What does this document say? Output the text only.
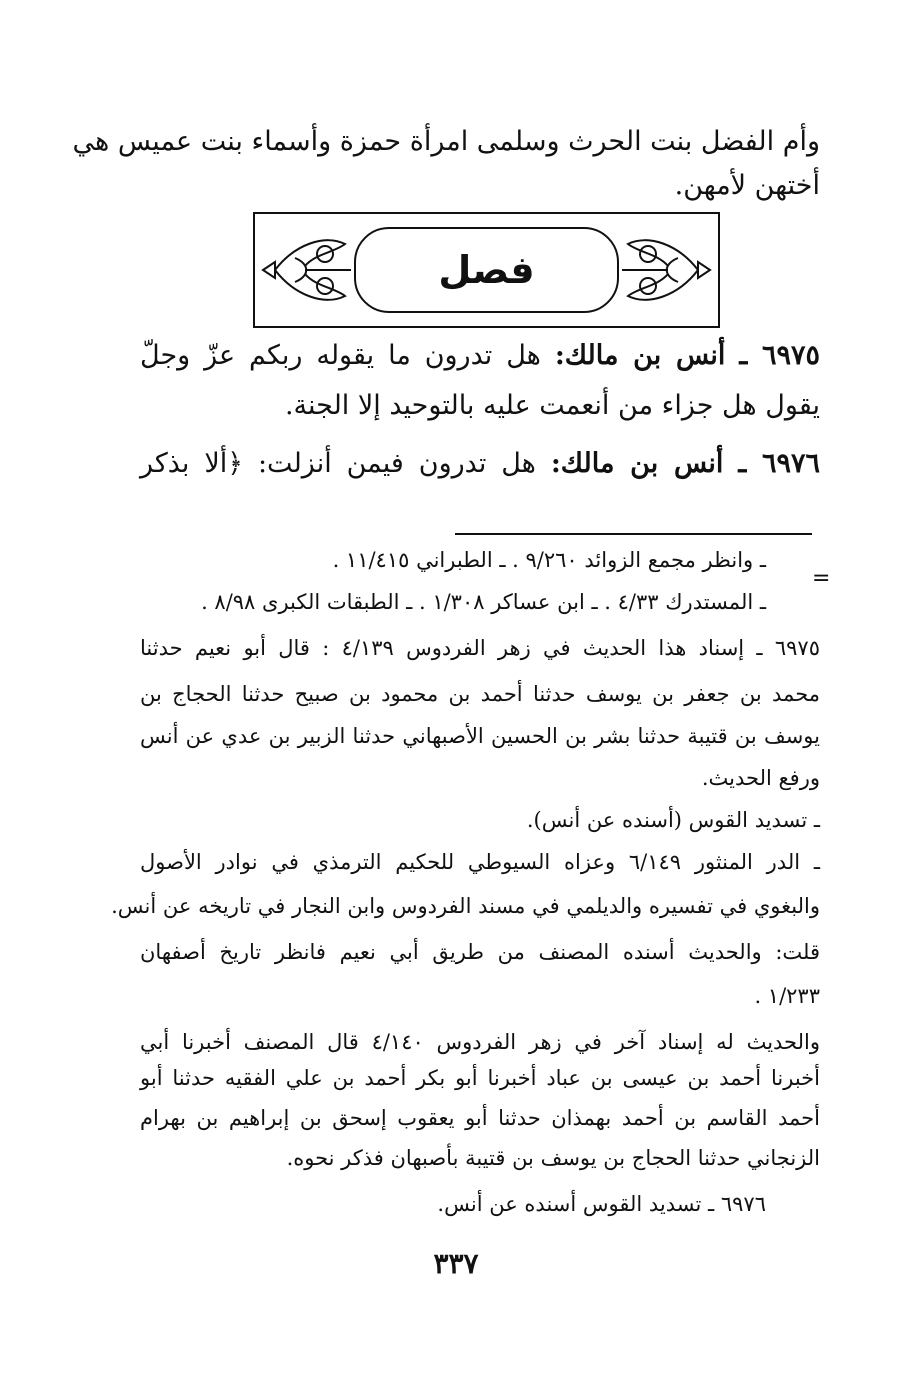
وأم الفضل بنت الحرث وسلمى امرأة حمزة وأسماء بنت عميس هي
أختهن لأمهن.
فصل
٦٩٧٥ ـ أنس بن مالك: هل تدرون ما يقوله ربكم عزّ وجلّ
يقول هل جزاء من أنعمت عليه بالتوحيد إلا الجنة.
٦٩٧٦ ـ أنس بن مالك: هل تدرون فيمن أنزلت: ﴿ألا بذكر
=
ـ وانظر مجمع الزوائد ٩/٢٦٠ . ـ الطبراني ١١/٤١٥ .
ـ المستدرك ٤/٣٣ . ـ ابن عساكر ١/٣٠٨ . ـ الطبقات الكبرى ٨/٩٨ .
٦٩٧٥ ـ إسناد هذا الحديث في زهر الفردوس ٤/١٣٩ : قال أبو نعيم حدثنا
محمد بن جعفر بن يوسف حدثنا أحمد بن محمود بن صبيح حدثنا الحجاج بن
يوسف بن قتيبة حدثنا بشر بن الحسين الأصبهاني حدثنا الزبير بن عدي عن أنس
ورفع الحديث.
ـ تسديد القوس (أسنده عن أنس).
ـ الدر المنثور ٦/١٤٩ وعزاه السيوطي للحكيم الترمذي في نوادر الأصول
والبغوي في تفسيره والديلمي في مسند الفردوس وابن النجار في تاريخه عن أنس.
قلت: والحديث أسنده المصنف من طريق أبي نعيم فانظر تاريخ أصفهان
١/٢٣٣ .
والحديث له إسناد آخر في زهر الفردوس ٤/١٤٠ قال المصنف أخبرنا أبي
أخبرنا أحمد بن عيسى بن عباد أخبرنا أبو بكر أحمد بن علي الفقيه حدثنا أبو
أحمد القاسم بن أحمد بهمذان حدثنا أبو يعقوب إسحق بن إبراهيم بن بهرام
الزنجاني حدثنا الحجاج بن يوسف بن قتيبة بأصبهان فذكر نحوه.
٦٩٧٦ ـ تسديد القوس أسنده عن أنس.
٣٣٧
